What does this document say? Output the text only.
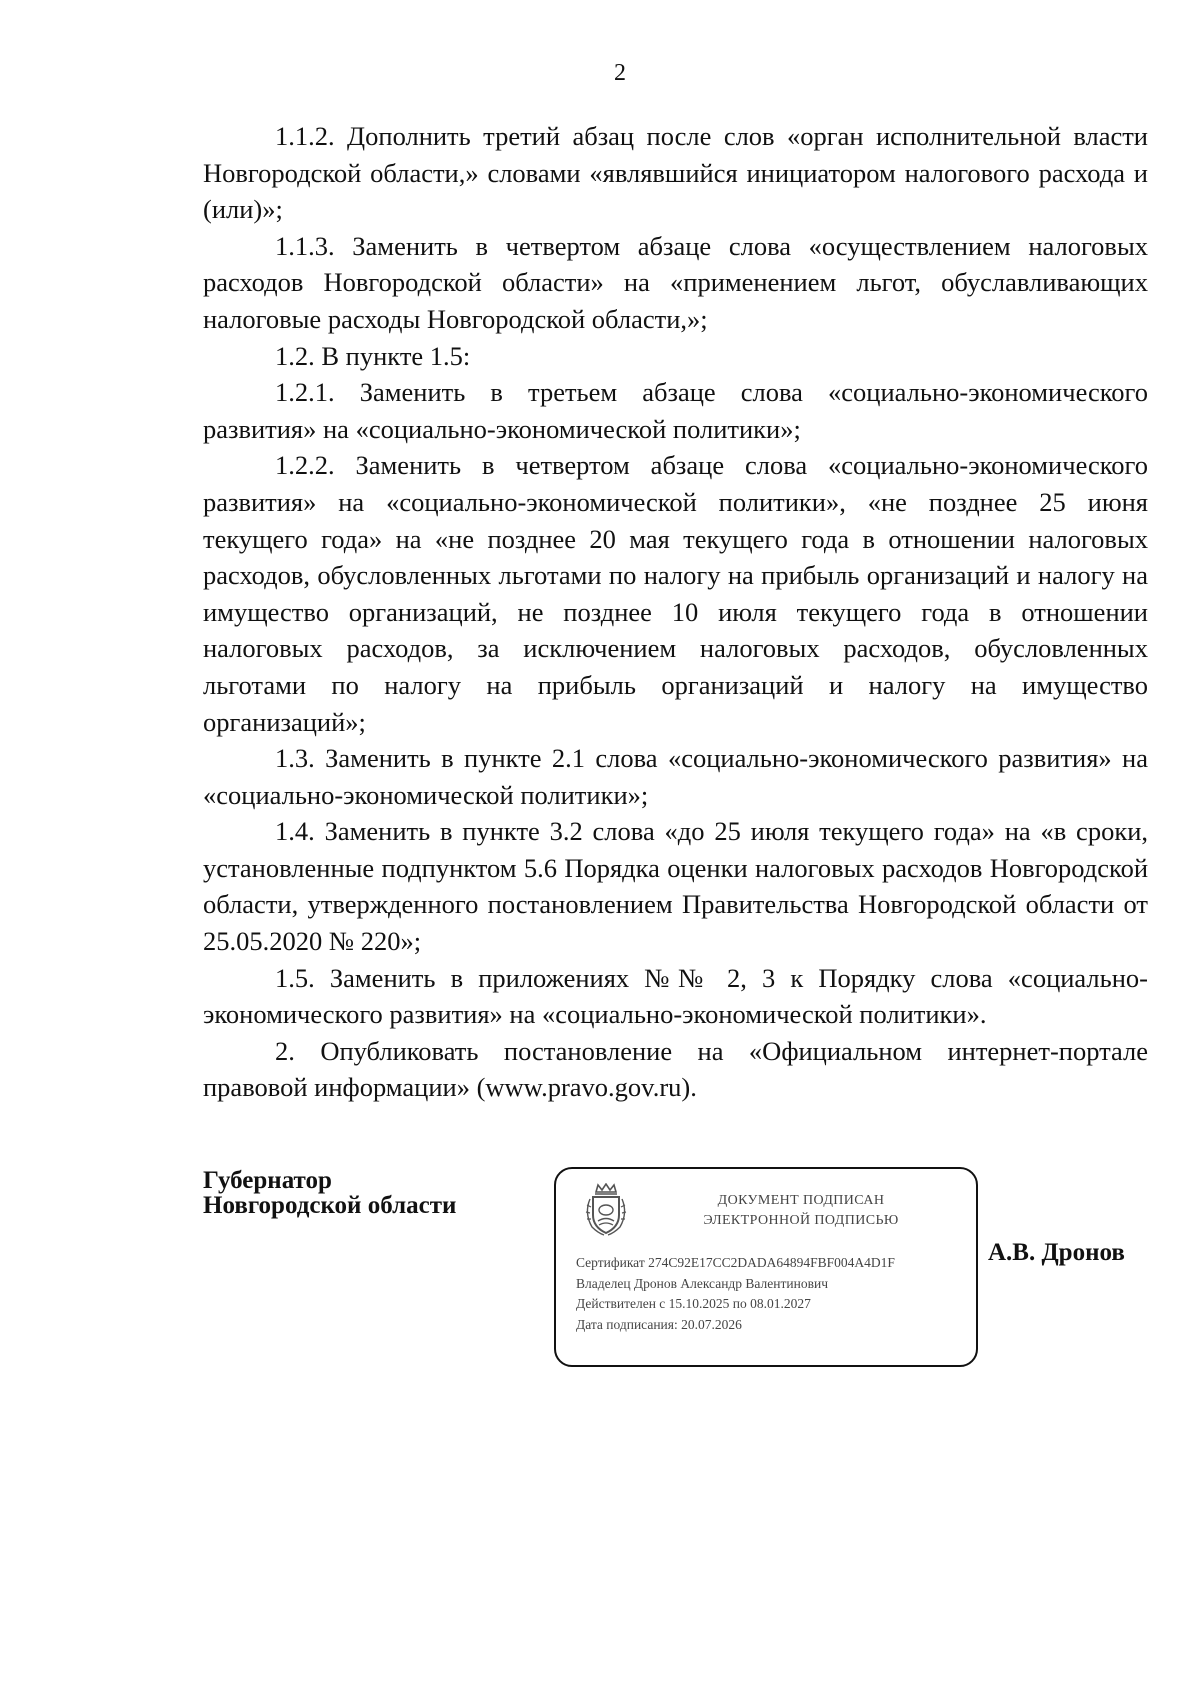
2

1.1.2. Дополнить третий абзац после слов «орган исполнительной власти Новгородской области,» словами «являвшийся инициатором налогового расхода и (или)»;

1.1.3. Заменить в четвертом абзаце слова «осуществлением налоговых расходов Новгородской области» на «применением льгот, обуславливающих налоговые расходы Новгородской области,»;

1.2. В пункте 1.5:

1.2.1. Заменить в третьем абзаце слова «социально-экономического развития» на «социально-экономической политики»;

1.2.2. Заменить в четвертом абзаце слова «социально-экономического развития» на «социально-экономической политики», «не позднее 25 июня текущего года» на «не позднее 20 мая текущего года в отношении налоговых расходов, обусловленных льготами по налогу на прибыль организаций и налогу на имущество организаций, не позднее 10 июля текущего года в отношении налоговых расходов, за исключением налоговых расходов, обусловленных льготами по налогу на прибыль организаций и налогу на имущество организаций»;

1.3. Заменить в пункте 2.1 слова «социально-экономического развития» на «социально-экономической политики»;

1.4. Заменить в пункте 3.2 слова «до 25 июля текущего года» на «в сроки, установленные подпунктом 5.6 Порядка оценки налоговых расходов Новгородской области, утвержденного постановлением Правительства Новгородской области от 25.05.2020 № 220»;

1.5. Заменить в приложениях №№ 2, 3 к Порядку слова «социально-экономического развития» на «социально-экономической политики».

2. Опубликовать постановление на «Официальном интернет-портале правовой информации» (www.pravo.gov.ru).

Губернатор
Новгородской области	ДОКУМЕНТ ПОДПИСАН
ЭЛЕКТРОННОЙ ПОДПИСЬЮ
Сертификат 274C92E17CC2DADA64894FBF004A4D1F
Владелец Дронов Александр Валентинович
Действителен с 15.10.2025 по 08.01.2027
Дата подписания: 20.07.2026
А.В. Дронов
